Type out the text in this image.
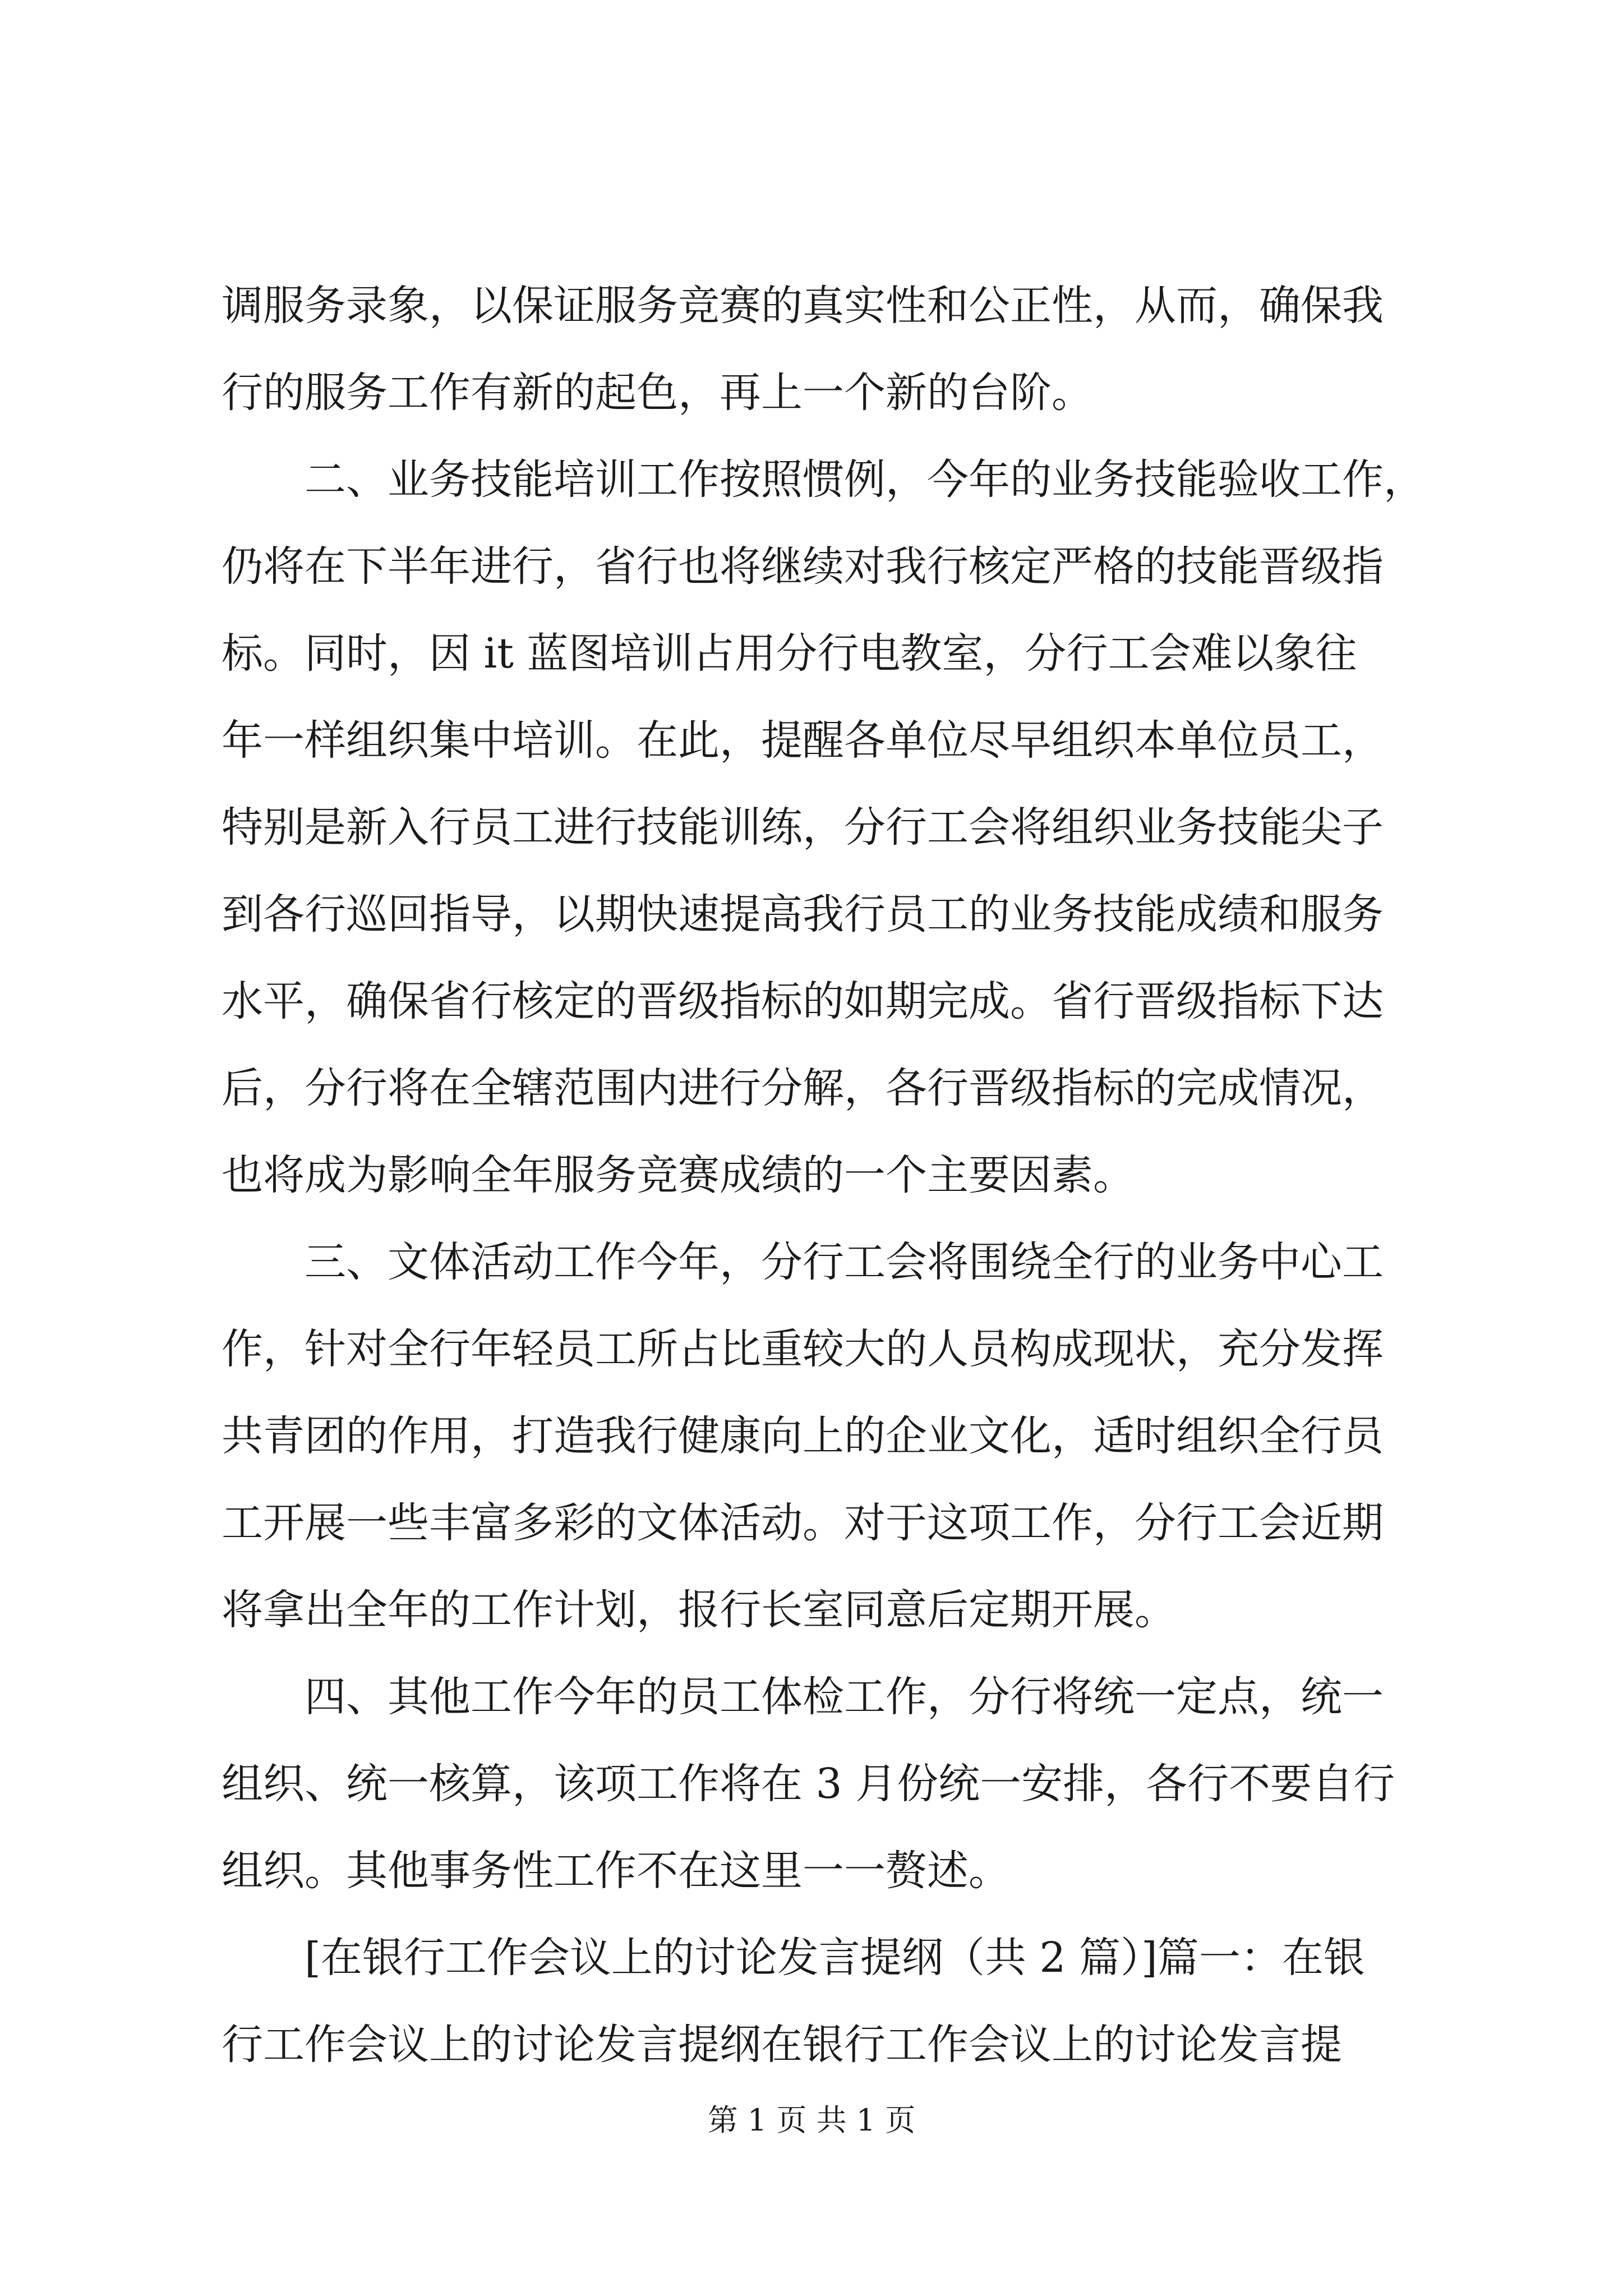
调服务录象，以保证服务竞赛的真实性和公正性，从而，确保我
行的服务工作有新的起色，再上一个新的台阶。
　　二、业务技能培训工作按照惯例，今年的业务技能验收工作，
仍将在下半年进行，省行也将继续对我行核定严格的技能晋级指
标。同时，因 it 蓝图培训占用分行电教室，分行工会难以象往
年一样组织集中培训。在此，提醒各单位尽早组织本单位员工，
特别是新入行员工进行技能训练，分行工会将组织业务技能尖子
到各行巡回指导，以期快速提高我行员工的业务技能成绩和服务
水平，确保省行核定的晋级指标的如期完成。省行晋级指标下达
后，分行将在全辖范围内进行分解，各行晋级指标的完成情况，
也将成为影响全年服务竞赛成绩的一个主要因素。
　　三、文体活动工作今年，分行工会将围绕全行的业务中心工
作，针对全行年轻员工所占比重较大的人员构成现状，充分发挥
共青团的作用，打造我行健康向上的企业文化，适时组织全行员
工开展一些丰富多彩的文体活动。对于这项工作，分行工会近期
将拿出全年的工作计划，报行长室同意后定期开展。
　　四、其他工作今年的员工体检工作，分行将统一定点，统一
组织、统一核算，该项工作将在 3 月份统一安排，各行不要自行
组织。其他事务性工作不在这里一一赘述。
　　[在银行工作会议上的讨论发言提纲（共 2 篇）]篇一：在银
行工作会议上的讨论发言提纲在银行工作会议上的讨论发言提
第 1 页 共 1 页
